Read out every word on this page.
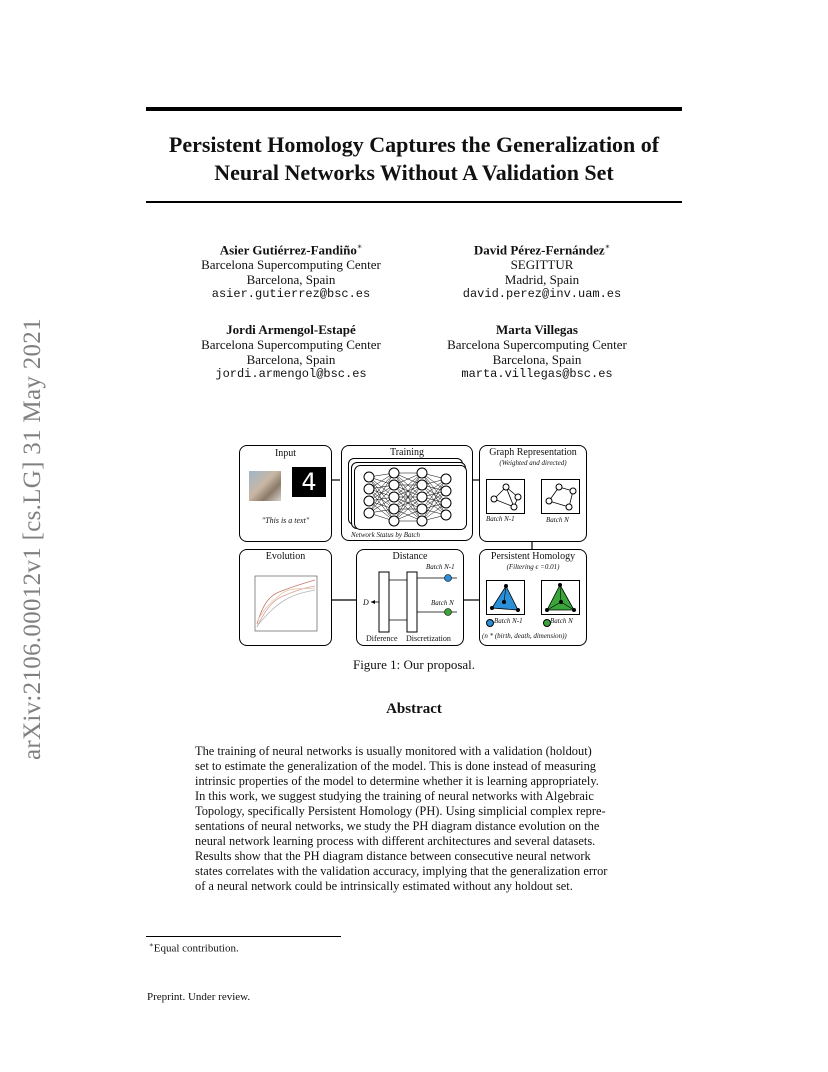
arXiv:2106.00012v1 [cs.LG] 31 May 2021
Persistent Homology Captures the Generalization of
Neural Networks Without A Validation Set
Asier Gutiérrez-Fandiño∗
Barcelona Supercomputing Center
Barcelona, Spain
asier.gutierrez@bsc.es
David Pérez-Fernández∗
SEGITTUR
Madrid, Spain
david.perez@inv.uam.es
Jordi Armengol-Estapé
Barcelona Supercomputing Center
Barcelona, Spain
jordi.armengol@bsc.es
Marta Villegas
Barcelona Supercomputing Center
Barcelona, Spain
marta.villegas@bsc.es
Input
4
"This is a text"
Training
Network Status by Batch
Graph Representation
(Weighted and directed)
Batch N-1	Batch N
Evolution	Distance
Batch N-1
Batch N
D
Diference Discretization
Persistent Homology
(Filtering ϵ =0.01)
Batch N-1	Batch N
(n * (birth, death, dimension))
Figure 1: Our proposal.
Abstract
The training of neural networks is usually monitored with a validation (holdout)
set to estimate the generalization of the model. This is done instead of measuring
intrinsic properties of the model to determine whether it is learning appropriately.
In this work, we suggest studying the training of neural networks with Algebraic
Topology, specifically Persistent Homology (PH). Using simplicial complex repre-
sentations of neural networks, we study the PH diagram distance evolution on the
neural network learning process with different architectures and several datasets.
Results show that the PH diagram distance between consecutive neural network
states correlates with the validation accuracy, implying that the generalization error
of a neural network could be intrinsically estimated without any holdout set.
∗Equal contribution.
Preprint. Under review.
